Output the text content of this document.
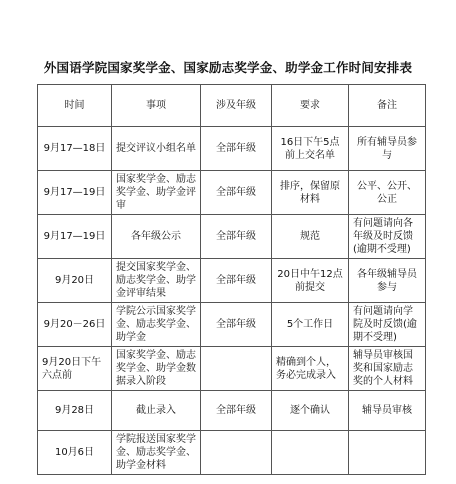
外国语学院国家奖学金、国家励志奖学金、助学金工作时间安排表
时间	事项	涉及年级	要求	备注
9月17—18日	提交评议小组名单	全部年级	16日下午5点前上交名单	所有辅导员参与
9月17—19日	国家奖学金、励志奖学金、助学金评审	全部年级	排序，保留原材料	公平、公开、公正
9月17—19日	各年级公示	全部年级	规范	有问题请向各年级及时反馈(逾期不受理)
9月20日	提交国家奖学金、励志奖学金、助学金评审结果	全部年级	20日中午12点前提交	各年级辅导员参与
9月20－26日	学院公示国家奖学金、励志奖学金、助学金	全部年级	5个工作日	有问题请向学院及时反馈(逾期不受理)
9月20日下午六点前	国家奖学金、励志奖学金、助学金数据录入阶段		精确到个人，务必完成录入	辅导员审核国奖和国家励志奖的个人材料
9月28日	截止录入	全部年级	逐个确认	辅导员审核
10月6日	学院报送国家奖学金、励志奖学金、助学金材料			
